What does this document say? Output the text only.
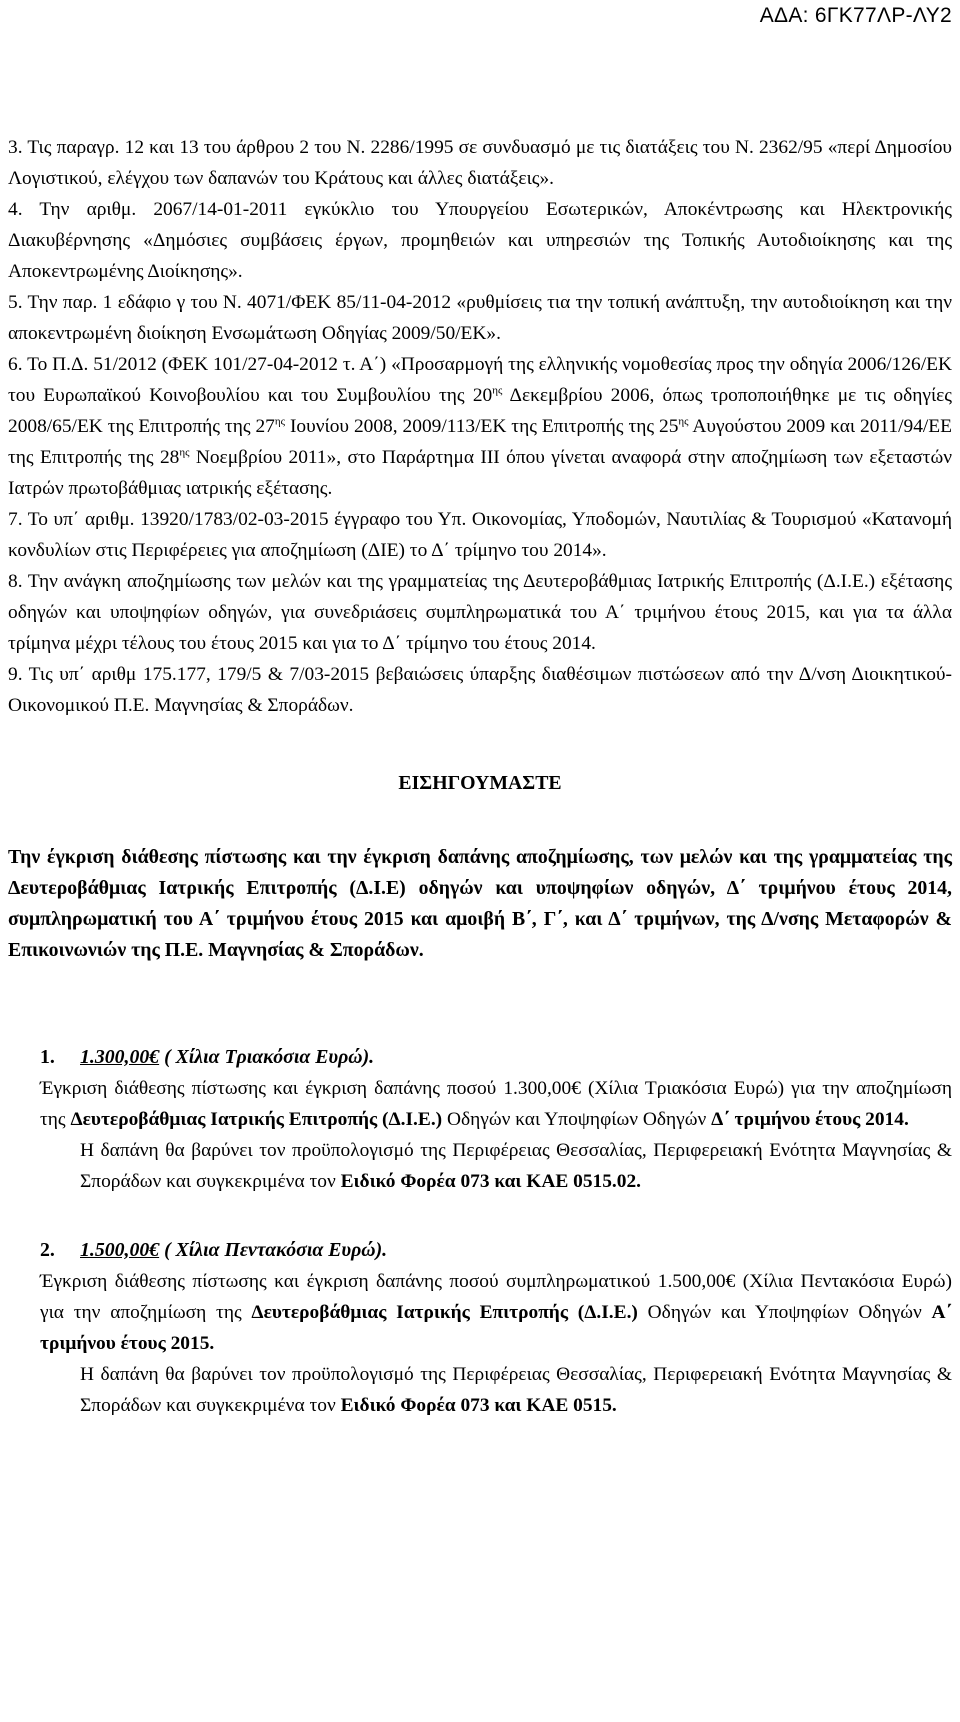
ΑΔΑ: 6ΓΚ77ΛΡ-ΛΥ2

3. Τις παραγρ. 12 και 13 του άρθρου 2 του Ν. 2286/1995 σε συνδυασμό με τις διατάξεις του Ν. 2362/95 «περί Δημοσίου Λογιστικού, ελέγχου των δαπανών του Κράτους και άλλες διατάξεις».

4. Την αριθμ. 2067/14-01-2011 εγκύκλιο του Υπουργείου Εσωτερικών, Αποκέντρωσης και Ηλεκτρονικής Διακυβέρνησης «Δημόσιες συμβάσεις έργων, προμηθειών και υπηρεσιών της Τοπικής Αυτοδιοίκησης και της Αποκεντρωμένης Διοίκησης».

5. Την παρ. 1 εδάφιο γ του Ν. 4071/ΦΕΚ 85/11-04-2012 «ρυθμίσεις τια την τοπική ανάπτυξη, την αυτοδιοίκηση και την αποκεντρωμένη διοίκηση Ενσωμάτωση Οδηγίας 2009/50/ΕΚ».

6. Το Π.Δ. 51/2012 (ΦΕΚ 101/27-04-2012 τ. Α΄) «Προσαρμογή της ελληνικής νομοθεσίας προς την οδηγία 2006/126/ΕΚ του Ευρωπαϊκού Κοινοβουλίου και του Συμβουλίου της $20^{\eta\varsigma}$ Δεκεμβρίου 2006, όπως τροποποιήθηκε με τις οδηγίες 2008/65/ΕΚ της Επιτροπής της $27^{\eta\varsigma}$ Ιουνίου 2008, 2009/113/ΕΚ της Επιτροπής της $25^{\eta\varsigma}$ Αυγούστου 2009 και 2011/94/ΕΕ της Επιτροπής της $28^{\eta\varsigma}$ Νοεμβρίου 2011», στο Παράρτημα ΙΙΙ όπου γίνεται αναφορά στην αποζημίωση των εξεταστών Ιατρών πρωτοβάθμιας ιατρικής εξέτασης.

7. Το υπ΄ αριθμ. 13920/1783/02-03-2015 έγγραφο του Υπ. Οικονομίας, Υποδομών, Ναυτιλίας & Τουρισμού «Κατανομή κονδυλίων στις Περιφέρειες για αποζημίωση (ΔΙΕ) το Δ΄ τρίμηνο του 2014».

8. Την ανάγκη αποζημίωσης των μελών και της γραμματείας της Δευτεροβάθμιας Ιατρικής Επιτροπής (Δ.Ι.Ε.) εξέτασης οδηγών και υποψηφίων οδηγών, για συνεδριάσεις συμπληρωματικά του Α΄ τριμήνου έτους 2015, και για τα άλλα τρίμηνα μέχρι τέλους του έτους 2015 και για το Δ΄ τρίμηνο του έτους 2014.

9. Τις υπ΄ αριθμ 175.177, 179/5 & 7/03-2015 βεβαιώσεις ύπαρξης διαθέσιμων πιστώσεων από την Δ/νση Διοικητικού-Οικονομικού Π.Ε. Μαγνησίας & Σποράδων.

ΕΙΣΗΓΟΥΜΑΣΤΕ

Την έγκριση διάθεσης πίστωσης και την έγκριση δαπάνης αποζημίωσης, των μελών και της γραμματείας της Δευτεροβάθμιας Ιατρικής Επιτροπής (Δ.Ι.Ε) οδηγών και υποψηφίων οδηγών, Δ΄ τριμήνου έτους 2014, συμπληρωματική του Α΄ τριμήνου έτους 2015 και αμοιβή Β΄, Γ΄, και Δ΄ τριμήνων, της Δ/νσης Μεταφορών & Επικοινωνιών της Π.Ε. Μαγνησίας & Σποράδων.

1. 1.300,00€ ( Χίλια Τριακόσια Ευρώ).

Έγκριση διάθεσης πίστωσης και έγκριση δαπάνης ποσού 1.300,00€ (Χίλια Τριακόσια Ευρώ) για την αποζημίωση της Δευτεροβάθμιας Ιατρικής Επιτροπής (Δ.Ι.Ε.) Οδηγών και Υποψηφίων Οδηγών Δ΄ τριμήνου έτους 2014.

Η δαπάνη θα βαρύνει τον προϋπολογισμό της Περιφέρειας Θεσσαλίας, Περιφερειακή Ενότητα Μαγνησίας & Σποράδων και συγκεκριμένα τον Ειδικό Φορέα 073 και ΚΑΕ 0515.02.

2. 1.500,00€ ( Χίλια Πεντακόσια Ευρώ).

Έγκριση διάθεσης πίστωσης και έγκριση δαπάνης ποσού συμπληρωματικού 1.500,00€ (Χίλια Πεντακόσια Ευρώ) για την αποζημίωση της Δευτεροβάθμιας Ιατρικής Επιτροπής (Δ.Ι.Ε.) Οδηγών και Υποψηφίων Οδηγών Α΄ τριμήνου έτους 2015.

Η δαπάνη θα βαρύνει τον προϋπολογισμό της Περιφέρειας Θεσσαλίας, Περιφερειακή Ενότητα Μαγνησίας & Σποράδων και συγκεκριμένα τον Ειδικό Φορέα 073 και ΚΑΕ 0515.
